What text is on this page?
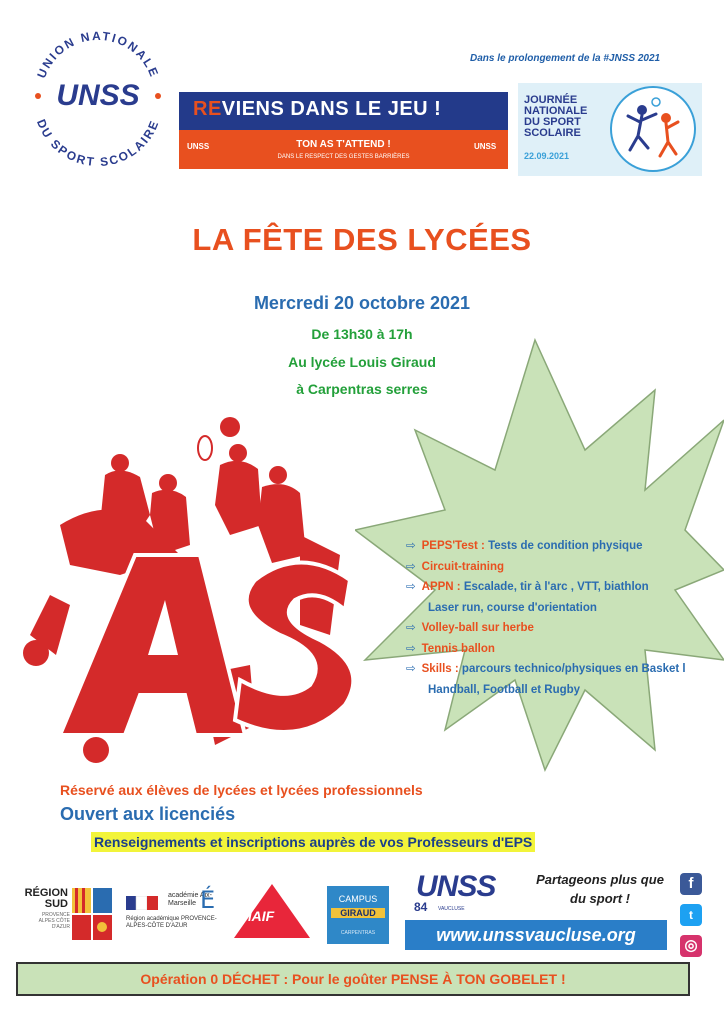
UNION NATIONALE
DU SPORT SCOLAIRE
UNSS
Dans le prolongement de la #JNSS 2021
REVIENS DANS LE JEU !
UNSS	UNSS
TON AS T'ATTEND !
DANS LE RESPECT DES GESTES BARRIÈRES
JOURNÉE
NATIONALE
DU SPORT
SCOLAIRE
22.09.2021
LA FÊTE DES LYCÉES
Mercredi 20 octobre 2021
De 13h30 à 17h
Au lycée Louis Giraud
à Carpentras serres
AS
⇨ PEPS'Test : Tests de condition physique
⇨ Circuit-training
⇨ APPN : Escalade, tir à l'arc , VTT, biathlon
Laser run, course d'orientation
⇨ Volley-ball sur herbe
⇨ Tennis ballon
⇨ Skills : parcours technico/physiques en Basket l
Handball, Football et Rugby
Réservé aux élèves de lycées et lycées professionnels
Ouvert aux licenciés
Renseignements et inscriptions auprès de vos Professeurs d'EPS
RÉGION
SUD
PROVENCE ALPES CÔTE D'AZUR
académie Aix-Marseille É
Région académique PROVENCE-ALPES-CÔTE D'AZUR
MAIF
CAMPUS
GIRAUD
CARPENTRAS
UNSS
84 VAUCLUSE
Partageons plus que du sport !
www.unssvaucluse.org
f
t
◎
Opération 0 DÉCHET : Pour le goûter PENSE À TON GOBELET !
